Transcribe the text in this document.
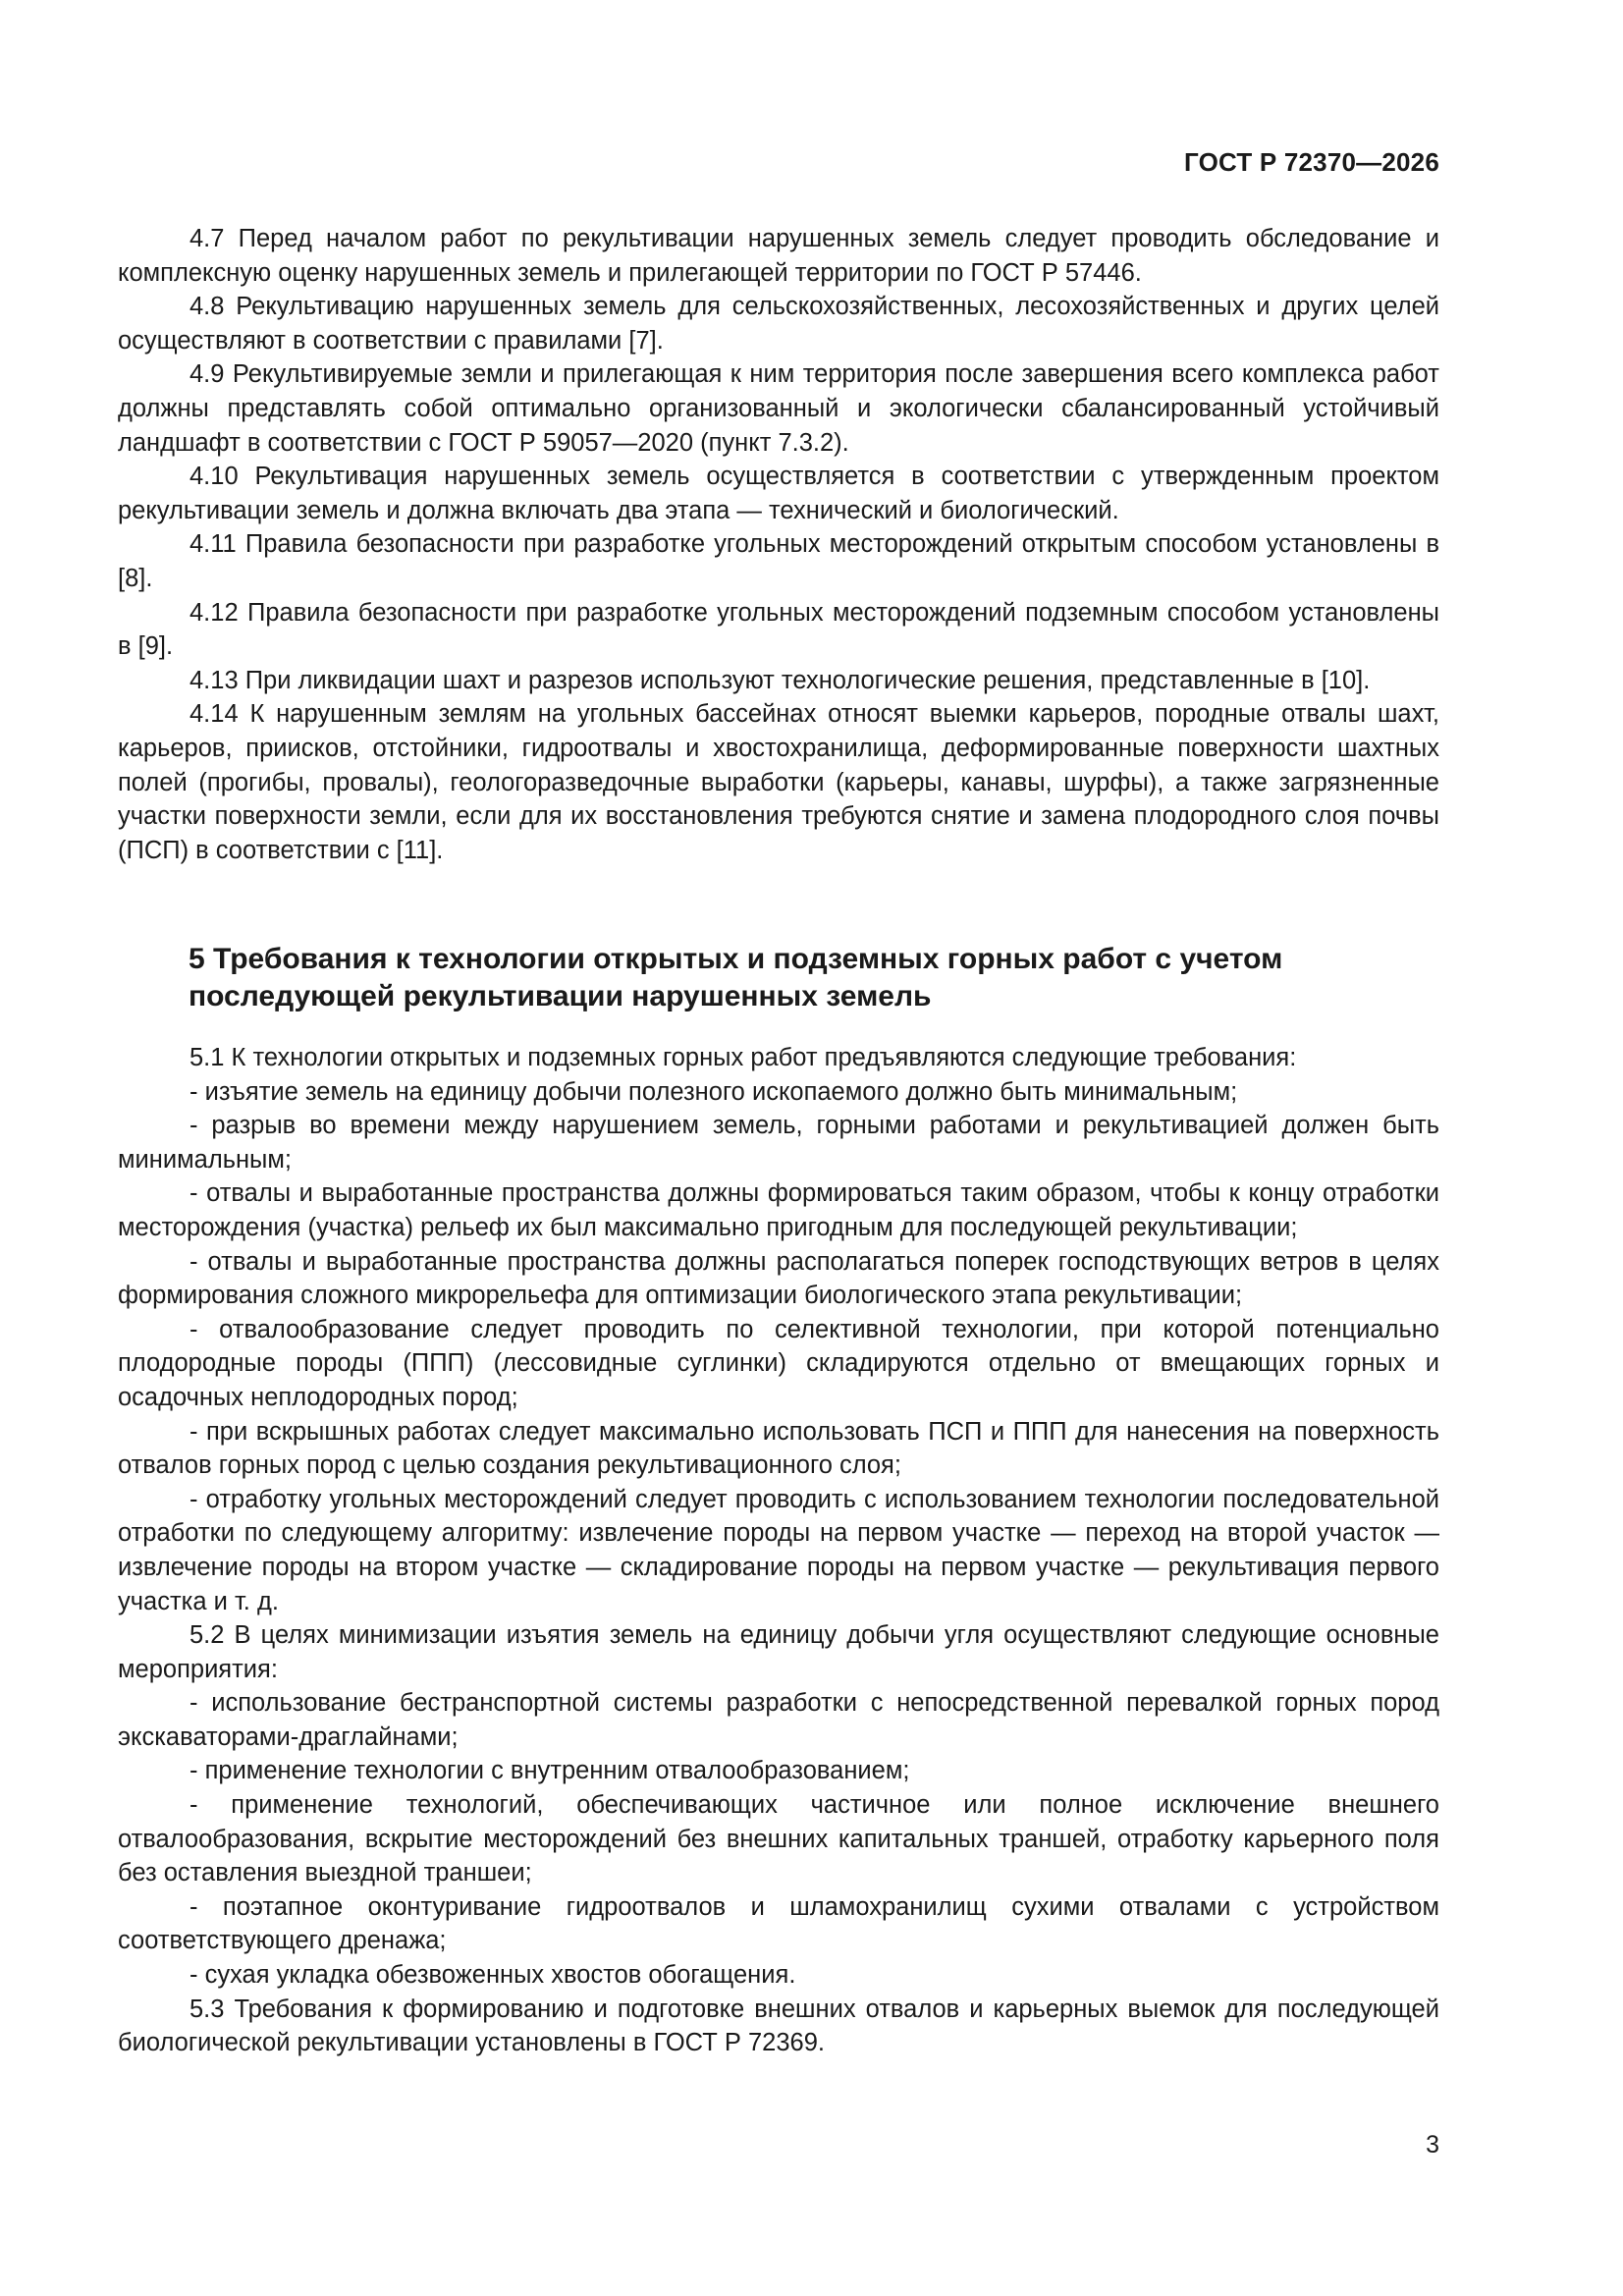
ГОСТ Р 72370—2026

4.7 Перед началом работ по рекультивации нарушенных земель следует проводить обследование и комплексную оценку нарушенных земель и прилегающей территории по ГОСТ Р 57446.

4.8 Рекультивацию нарушенных земель для сельскохозяйственных, лесохозяйственных и других целей осуществляют в соответствии с правилами [7].

4.9 Рекультивируемые земли и прилегающая к ним территория после завершения всего комплекса работ должны представлять собой оптимально организованный и экологически сбалансированный устойчивый ландшафт в соответствии с ГОСТ Р 59057—2020 (пункт 7.3.2).

4.10 Рекультивация нарушенных земель осуществляется в соответствии с утвержденным проектом рекультивации земель и должна включать два этапа — технический и биологический.

4.11 Правила безопасности при разработке угольных месторождений открытым способом установлены в [8].

4.12 Правила безопасности при разработке угольных месторождений подземным способом установлены в [9].

4.13 При ликвидации шахт и разрезов используют технологические решения, представленные в [10].

4.14 К нарушенным землям на угольных бассейнах относят выемки карьеров, породные отвалы шахт, карьеров, приисков, отстойники, гидроотвалы и хвостохранилища, деформированные поверхности шахтных полей (прогибы, провалы), геологоразведочные выработки (карьеры, канавы, шурфы), а также загрязненные участки поверхности земли, если для их восстановления требуются снятие и замена плодородного слоя почвы (ПСП) в соответствии с [11].

5 Требования к технологии открытых и подземных горных работ с учетом последующей рекультивации нарушенных земель

5.1 К технологии открытых и подземных горных работ предъявляются следующие требования:

- изъятие земель на единицу добычи полезного ископаемого должно быть минимальным;

- разрыв во времени между нарушением земель, горными работами и рекультивацией должен быть минимальным;

- отвалы и выработанные пространства должны формироваться таким образом, чтобы к концу отработки месторождения (участка) рельеф их был максимально пригодным для последующей рекультивации;

- отвалы и выработанные пространства должны располагаться поперек господствующих ветров в целях формирования сложного микрорельефа для оптимизации биологического этапа рекультивации;

- отвалообразование следует проводить по селективной технологии, при которой потенциально плодородные породы (ППП) (лессовидные суглинки) складируются отдельно от вмещающих горных и осадочных неплодородных пород;

- при вскрышных работах следует максимально использовать ПСП и ППП для нанесения на поверхность отвалов горных пород с целью создания рекультивационного слоя;

- отработку угольных месторождений следует проводить с использованием технологии последовательной отработки по следующему алгоритму: извлечение породы на первом участке — переход на второй участок — извлечение породы на втором участке — складирование породы на первом участке — рекультивация первого участка и т. д.

5.2 В целях минимизации изъятия земель на единицу добычи угля осуществляют следующие основные мероприятия:

- использование бестранспортной системы разработки с непосредственной перевалкой горных пород экскаваторами-драглайнами;

- применение технологии с внутренним отвалообразованием;

- применение технологий, обеспечивающих частичное или полное исключение внешнего отвалообразования, вскрытие месторождений без внешних капитальных траншей, отработку карьерного поля без оставления выездной траншеи;

- поэтапное оконтуривание гидроотвалов и шламохранилищ сухими отвалами с устройством соответствующего дренажа;

- сухая укладка обезвоженных хвостов обогащения.

5.3 Требования к формированию и подготовке внешних отвалов и карьерных выемок для последующей биологической рекультивации установлены в ГОСТ Р 72369.

3
